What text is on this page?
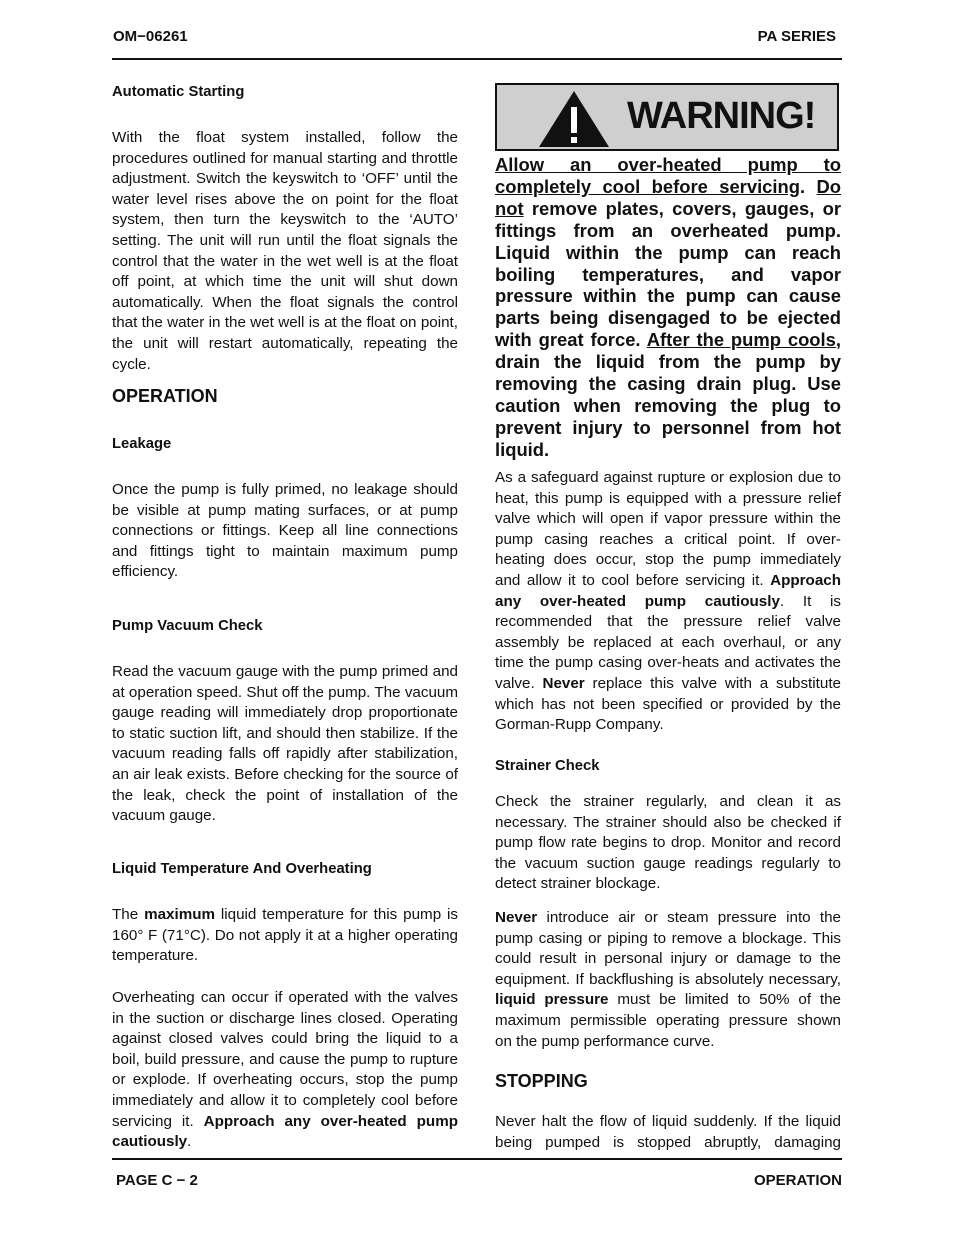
OM−06261	PA SERIES
Automatic Starting

With the float system installed, follow the procedures outlined for manual starting and throttle adjustment. Switch the keyswitch to ‘OFF’ until the water level rises above the on point for the float system, then turn the keyswitch to the ‘AUTO’ setting. The unit will run until the float signals the control that the water in the wet well is at the float off point, at which time the unit will shut down automatically. When the float signals the control that the water in the wet well is at the float on point, the unit will restart automatically, repeating the cycle.

OPERATION
Leakage

Once the pump is fully primed, no leakage should be visible at pump mating surfaces, or at pump connections or fittings. Keep all line connections and fittings tight to maintain maximum pump efficiency.

Pump Vacuum Check

Read the vacuum gauge with the pump primed and at operation speed. Shut off the pump. The vacuum gauge reading will immediately drop proportionate to static suction lift, and should then stabilize. If the vacuum reading falls off rapidly after stabilization, an air leak exists. Before checking for the source of the leak, check the point of installation of the vacuum gauge.

Liquid Temperature And Overheating

The maximum liquid temperature for this pump is 160° F (71°C). Do not apply it at a higher operating temperature.

Overheating can occur if operated with the valves in the suction or discharge lines closed. Operating against closed valves could bring the liquid to a boil, build pressure, and cause the pump to rupture or explode. If overheating occurs, stop the pump immediately and allow it to completely cool before servicing it. Approach any over-heated pump cautiously.

WARNING!
Allow an over-heated pump to completely cool before servicing. Do not remove plates, covers, gauges, or fittings from an overheated pump. Liquid within the pump can reach boiling temperatures, and vapor pressure within the pump can cause parts being disengaged to be ejected with great force. After the pump cools, drain the liquid from the pump by removing the casing drain plug. Use caution when removing the plug to prevent injury to personnel from hot liquid.

As a safeguard against rupture or explosion due to heat, this pump is equipped with a pressure relief valve which will open if vapor pressure within the pump casing reaches a critical point. If over-heating does occur, stop the pump immediately and allow it to cool before servicing it. Approach any over-heated pump cautiously. It is recommended that the pressure relief valve assembly be replaced at each overhaul, or any time the pump casing over-heats and activates the valve. Never replace this valve with a substitute which has not been specified or provided by the Gorman-Rupp Company.

Strainer Check

Check the strainer regularly, and clean it as necessary. The strainer should also be checked if pump flow rate begins to drop. Monitor and record the vacuum suction gauge readings regularly to detect strainer blockage.

Never introduce air or steam pressure into the pump casing or piping to remove a blockage. This could result in personal injury or damage to the equipment. If backflushing is absolutely necessary, liquid pressure must be limited to 50% of the maximum permissible operating pressure shown on the pump performance curve.

STOPPING

Never halt the flow of liquid suddenly. If the liquid being pumped is stopped abruptly, damaging

PAGE C − 2	OPERATION
